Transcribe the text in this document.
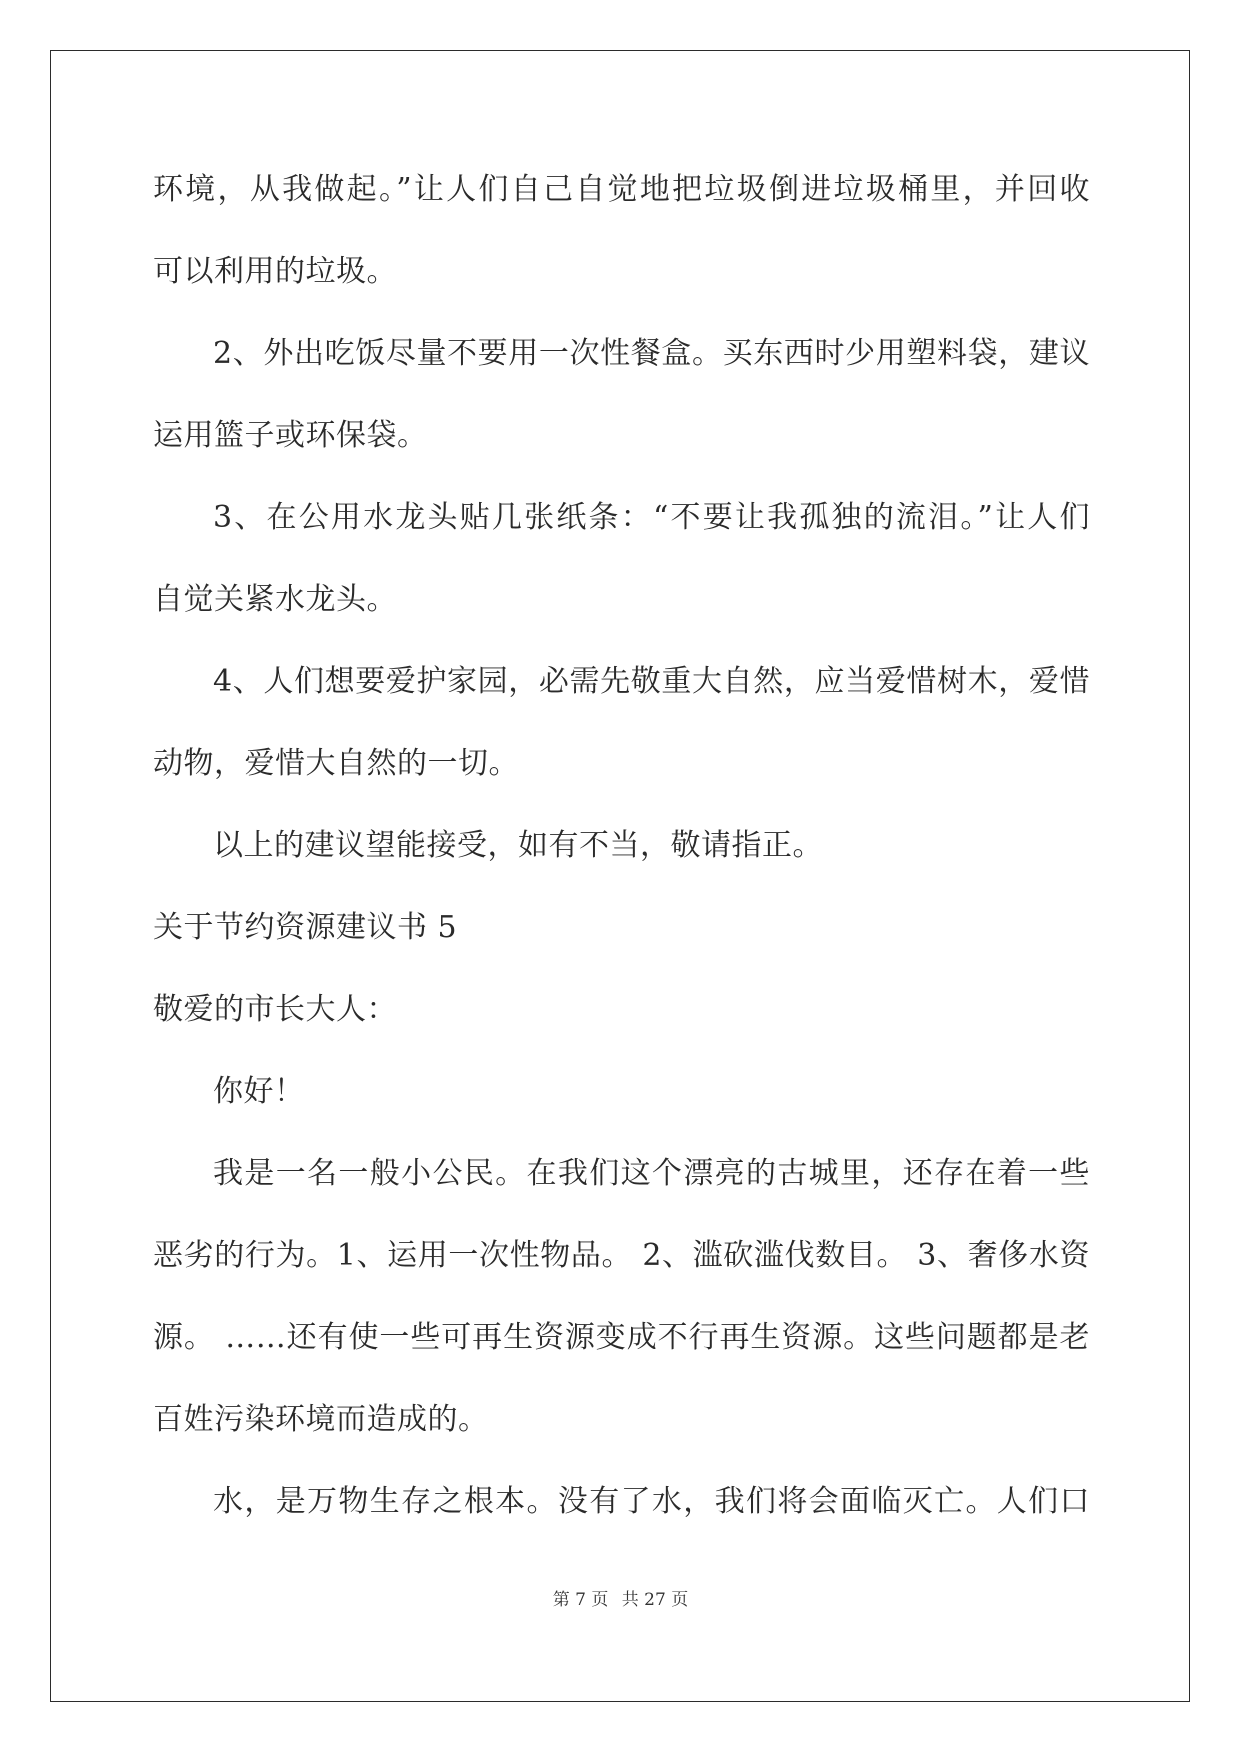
环境，从我做起。”让人们自己自觉地把垃圾倒进垃圾桶里，并回收
可以利用的垃圾。
2、外出吃饭尽量不要用一次性餐盒。买东西时少用塑料袋，建议
运用篮子或环保袋。
3、在公用水龙头贴几张纸条：“不要让我孤独的流泪。”让人们
自觉关紧水龙头。
4、人们想要爱护家园，必需先敬重大自然，应当爱惜树木，爱惜
动物，爱惜大自然的一切。
以上的建议望能接受，如有不当，敬请指正。
关于节约资源建议书 5
敬爱的市长大人：
你好！
我是一名一般小公民。在我们这个漂亮的古城里，还存在着一些
恶劣的行为。1、运用一次性物品。 2、滥砍滥伐数目。 3、奢侈水资
源。 ……还有使一些可再生资源变成不行再生资源。这些问题都是老
百姓污染环境而造成的。
水，是万物生存之根本。没有了水，我们将会面临灭亡。人们口
第 7 页 共 27 页
